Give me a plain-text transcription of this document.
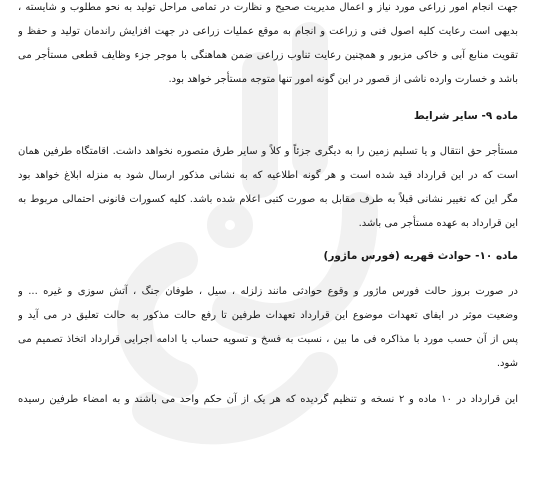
جهت انجام امور زراعی مورد نیاز و اعمال مدیریت صحیح و نظارت در تمامی مراحل تولید به نحو مطلوب و شایسته ،
بدیهی است رعایت کلیه اصول فنی و زراعت و انجام به موقع عملیات زراعی در جهت افزایش راندمان تولید و حفظ و
تقویت منابع آبی و خاکی مزبور و همچنین رعایت تناوب زراعی ضمن هماهنگی با موجر جزء وظایف قطعی مستأجر می
باشد و خسارت وارده ناشی از قصور در این گونه امور تنها متوجه مستأجر خواهد بود.
ماده ۹- سایر شرایط
مستأجر حق انتقال و یا تسلیم زمین را به دیگری جزئاً و کلاً و سایر طرق متصوره نخواهد داشت. اقامتگاه طرفین همان
است که در این قرارداد قید شده است و هر گونه اطلاعیه که به نشانی مذکور ارسال شود به منزله ابلاغ خواهد بود
مگر این که تغییر نشانی قبلاً به طرف مقابل به صورت کتبی اعلام شده باشد. کلیه کسورات قانونی احتمالی مربوط به
این قرارداد به عهده مستأجر می باشد.
ماده ۱۰- حوادث قهریه (فورس ماژور)
در صورت بروز حالت فورس ماژور و وقوع حوادثی مانند زلزله ، سیل ، طوفان جنگ ، آتش سوزی و غیره ... و
وضعیت موثر در ایفای تعهدات موضوع این قرارداد تعهدات طرفین تا رفع حالت مذکور به حالت تعلیق در می آید و
پس از آن حسب مورد با مذاکره فی ما بین ، نسبت به فسخ و تسویه حساب یا ادامه اجرایی قرارداد اتخاذ تصمیم می
شود.
این قرارداد در ۱۰ ماده و ۲ نسخه و تنظیم گردیده که هر یک از آن حکم واحد می باشند و به امضاء طرفین رسیده
